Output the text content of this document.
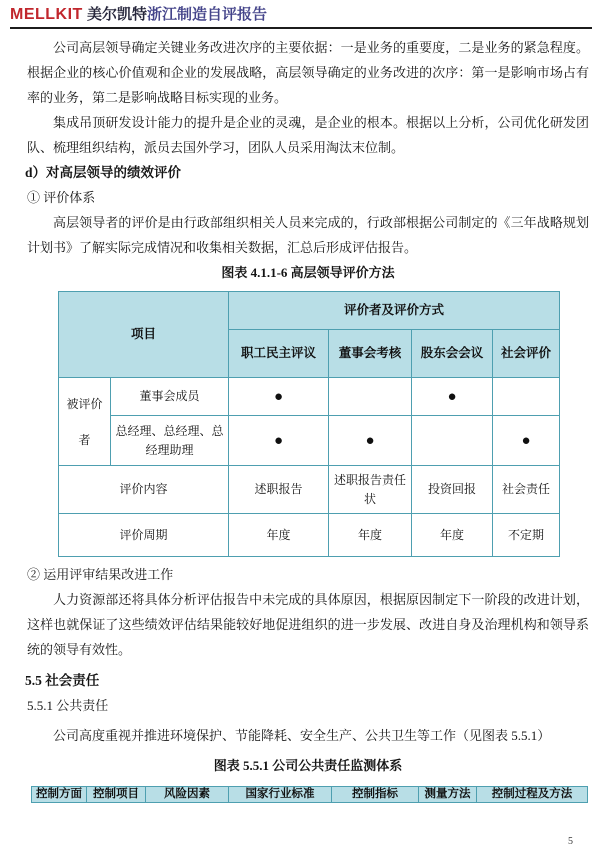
MELLKIT 美尔凯特浙江制造自评报告

公司高层领导确定关键业务改进次序的主要依据：一是业务的重要度，二是业务的紧急程度。根据企业的核心价值观和企业的发展战略，高层领导确定的业务改进的次序：第一是影响市场占有率的业务，第二是影响战略目标实现的业务。

集成吊顶研发设计能力的提升是企业的灵魂，是企业的根本。根据以上分析，公司优化研发团队、梳理组织结构，派员去国外学习，团队人员采用淘汰末位制。

d）对高层领导的绩效评价
① 评价体系

高层领导者的评价是由行政部组织相关人员来完成的，行政部根据公司制定的《三年战略规划计划书》了解实际完成情况和收集相关数据，汇总后形成评估报告。

图表 4.1.1-6 高层领导评价方法
项目		评价者及评价方式			
		职工民主评议	董事会考核	股东会会议	社会评价
被评价者	董事会成员	●		●	
	总经理、总经理、总经理助理	●	●		●
评价内容		述职报告	述职报告责任状	投资回报	社会责任
评价周期		年度	年度	年度	不定期
② 运用评审结果改进工作

人力资源部还将具体分析评估报告中未完成的具体原因，根据原因制定下一阶段的改进计划，这样也就保证了这些绩效评估结果能较好地促进组织的进一步发展、改进自身及治理机构和领导系统的领导有效性。

5.5 社会责任
5.5.1 公共责任

公司高度重视并推进环境保护、节能降耗、安全生产、公共卫生等工作（见图表 5.5.1）

图表 5.5.1 公司公共责任监测体系
控制方面	控制项目	风险因素	国家行业标准	控制指标	测量方法	控制过程及方法
5
